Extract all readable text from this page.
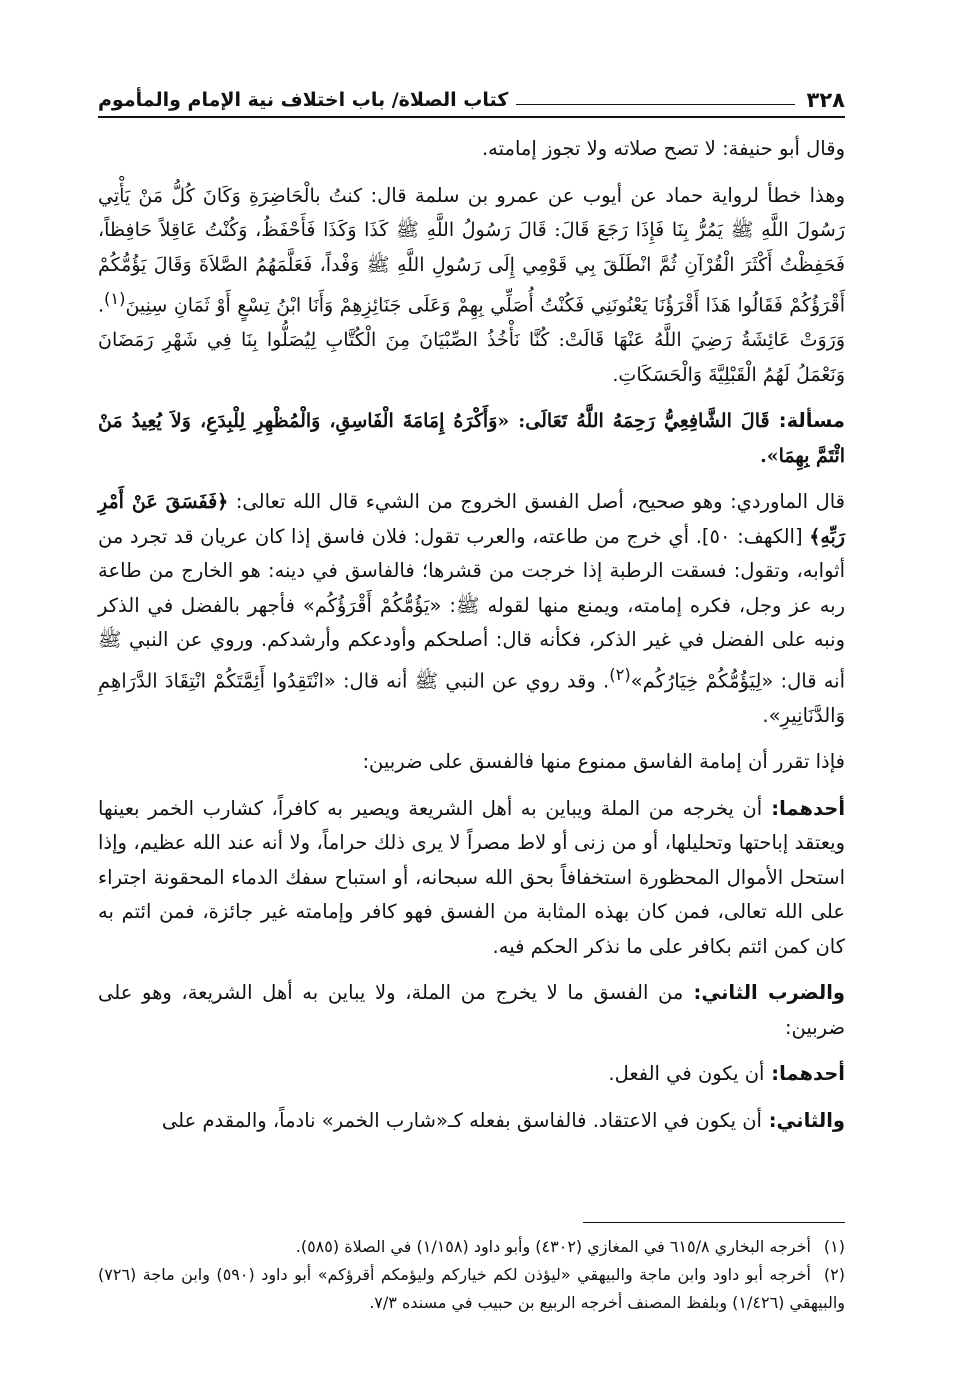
٣٢٨
كتاب الصلاة/ باب اختلاف نية الإمام والمأموم

وقال أبو حنيفة: لا تصح صلاته ولا تجوز إمامته.

وهذا خطأ لرواية حماد عن أيوب عن عمرو بن سلمة قال: كنتُ بالْحَاضِرَةِ وَكَانَ كُلُّ مَنْ يَأْتِي رَسُولَ اللَّهِ ﷺ يَمُرُّ بِنَا فَإِذَا رَجَعَ قَالَ: قَالَ رَسُولُ اللَّهِ ﷺ كَذَا وَكَذَا فَأَحْفَظُ، وَكُنْتُ عَاقِلاً حَافِظاً، فَحَفِظْتُ أَكْثَرَ الْقُرْآنِ ثُمَّ انْطَلَقَ بِي قَوْمِي إِلَى رَسُولِ اللَّهِ ﷺ وَفْداً، فَعَلَّمَهُمُ الصَّلاَةَ وَقَالَ يَؤُمُّكُمْ أَقْرَؤُكُمْ فَقَالُوا هَذَا أَقْرَؤُنَا يَعْنُونَنِي فَكُنْتُ أُصَلِّي بِهِمْ وَعَلَى جَنَائِزِهِمْ وَأَنَا ابْنُ تِسْعٍ أَوْ ثَمَانِ سِنِينَ$^{(١)}$. وَرَوَتْ عَائِشَةُ رَضِيَ اللَّهُ عَنْهَا قَالَتْ: كُنَّا نَأْخُذُ الصِّبْيَانَ مِنَ الْكُتَّابِ لِيُصَلُّوا بِنَا فِي شَهْرِ رَمَضَانَ وَنَعْمَلُ لَهُمُ الْقَبْلِيَّةَ وَالْحَسَكَاتِ.

مسألة: قَالَ الشَّافِعِيُّ رَحِمَهُ اللَّهُ تَعَالَى: «وَأَكْرَهُ إِمَامَةَ الْفَاسِقِ، وَالْمُظْهِرِ لِلْبِدَعِ، وَلاَ يُعِيدُ مَنْ ائْتَمَّ بِهِمَا».

قال الماوردي: وهو صحيح، أصل الفسق الخروج من الشيء قال الله تعالى: ﴿فَفَسَقَ عَنْ أَمْرِ رَبِّهِ﴾ [الكهف: ٥٠]. أي خرج من طاعته، والعرب تقول: فلان فاسق إذا كان عريان قد تجرد من أثوابه، وتقول: فسقت الرطبة إذا خرجت من قشرها؛ فالفاسق في دينه: هو الخارج من طاعة ربه عز وجل، فكره إمامته، ويمنع منها لقوله ﷺ: «يَؤُمُّكُمْ أَقْرَؤُكُم» فأجهر بالفضل في الذكر ونبه على الفضل في غير الذكر، فكأنه قال: أصلحكم وأودعكم وأرشدكم. وروي عن النبي ﷺ أنه قال: «لِيَؤُمُّكُمْ خِيَارُكُم»$^{(٢)}$. وقد روي عن النبي ﷺ أنه قال: «انْتَقِدُوا أَئِمَّتَكُمْ انْتِقَادَ الدَّرَاهِمِ وَالدَّنَانِيرِ».

فإذا تقرر أن إمامة الفاسق ممنوع منها فالفسق على ضربين:

أحدهما: أن يخرجه من الملة ويباين به أهل الشريعة ويصير به كافراً، كشارب الخمر بعينها ويعتقد إباحتها وتحليلها، أو من زنى أو لاط مصراً لا يرى ذلك حراماً، ولا أنه عند الله عظيم، وإذا استحل الأموال المحظورة استخفافاً بحق الله سبحانه، أو استباح سفك الدماء المحقونة اجتراء على الله تعالى، فمن كان بهذه المثابة من الفسق فهو كافر وإمامته غير جائزة، فمن ائتم به كان كمن ائتم بكافر على ما نذكر الحكم فيه.

والضرب الثاني: من الفسق ما لا يخرج من الملة، ولا يباين به أهل الشريعة، وهو على ضربين:

أحدهما: أن يكون في الفعل.

والثاني: أن يكون في الاعتقاد. فالفاسق بفعله كـ«شارب الخمر» نادماً، والمقدم على

(١)أخرجه البخاري ٦١٥/٨ في المغازي (٤٣٠٢) وأبو داود (١/١٥٨) في الصلاة (٥٨٥).

(٢)أخرجه أبو داود وابن ماجة والبيهقي «ليؤذن لكم خياركم وليؤمكم أقرؤكم» أبو داود (٥٩٠) وابن ماجة (٧٢٦) والبيهقي (١/٤٢٦) وبلفظ المصنف أخرجه الربيع بن حبيب في مسنده ٧/٣.
